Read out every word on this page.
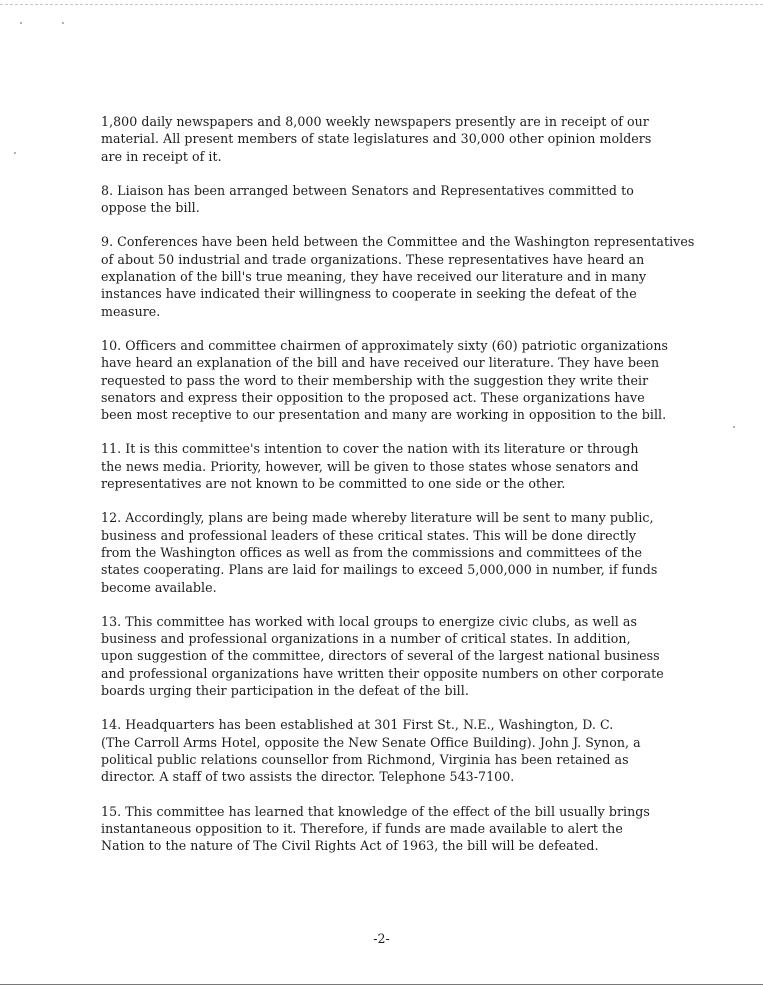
1,800 daily newspapers and 8,000 weekly newspapers presently are in receipt of our
material. All present members of state legislatures and 30,000 other opinion molders
are in receipt of it.

8. Liaison has been arranged between Senators and Representatives committed to
oppose the bill.

9. Conferences have been held between the Committee and the Washington representatives
of about 50 industrial and trade organizations. These representatives have heard an
explanation of the bill's true meaning, they have received our literature and in many
instances have indicated their willingness to cooperate in seeking the defeat of the
measure.

10. Officers and committee chairmen of approximately sixty (60) patriotic organizations
have heard an explanation of the bill and have received our literature. They have been
requested to pass the word to their membership with the suggestion they write their
senators and express their opposition to the proposed act. These organizations have
been most receptive to our presentation and many are working in opposition to the bill.

11. It is this committee's intention to cover the nation with its literature or through
the news media. Priority, however, will be given to those states whose senators and
representatives are not known to be committed to one side or the other.

12. Accordingly, plans are being made whereby literature will be sent to many public,
business and professional leaders of these critical states. This will be done directly
from the Washington offices as well as from the commissions and committees of the
states cooperating. Plans are laid for mailings to exceed 5,000,000 in number, if funds
become available.

13. This committee has worked with local groups to energize civic clubs, as well as
business and professional organizations in a number of critical states. In addition,
upon suggestion of the committee, directors of several of the largest national business
and professional organizations have written their opposite numbers on other corporate
boards urging their participation in the defeat of the bill.

14. Headquarters has been established at 301 First St., N.E., Washington, D. C.
(The Carroll Arms Hotel, opposite the New Senate Office Building). John J. Synon, a
political public relations counsellor from Richmond, Virginia has been retained as
director. A staff of two assists the director. Telephone 543-7100.

15. This committee has learned that knowledge of the effect of the bill usually brings
instantaneous opposition to it. Therefore, if funds are made available to alert the
Nation to the nature of The Civil Rights Act of 1963, the bill will be defeated.

-2-
